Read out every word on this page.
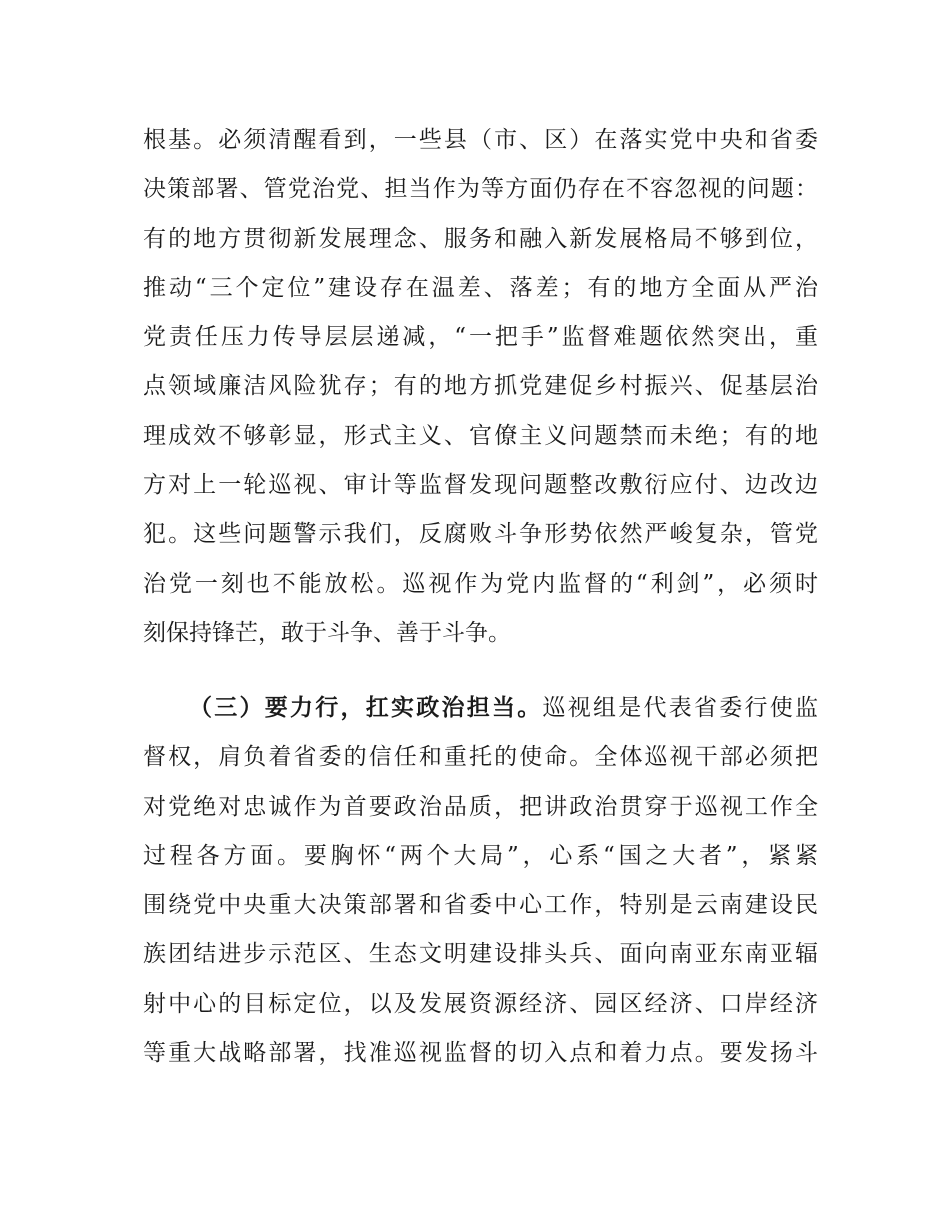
根基。必须清醒看到，一些县（市、区）在落实党中央和省委
决策部署、管党治党、担当作为等方面仍存在不容忽视的问题：
有的地方贯彻新发展理念、服务和融入新发展格局不够到位，
推动“三个定位”建设存在温差、落差；有的地方全面从严治
党责任压力传导层层递减，“一把手”监督难题依然突出，重
点领域廉洁风险犹存；有的地方抓党建促乡村振兴、促基层治
理成效不够彰显，形式主义、官僚主义问题禁而未绝；有的地
方对上一轮巡视、审计等监督发现问题整改敷衍应付、边改边
犯。这些问题警示我们，反腐败斗争形势依然严峻复杂，管党
治党一刻也不能放松。巡视作为党内监督的“利剑”，必须时
刻保持锋芒，敢于斗争、善于斗争。
（三）要力行，扛实政治担当。巡视组是代表省委行使监
督权，肩负着省委的信任和重托的使命。全体巡视干部必须把
对党绝对忠诚作为首要政治品质，把讲政治贯穿于巡视工作全
过程各方面。要胸怀“两个大局”，心系“国之大者”，紧紧
围绕党中央重大决策部署和省委中心工作，特别是云南建设民
族团结进步示范区、生态文明建设排头兵、面向南亚东南亚辐
射中心的目标定位，以及发展资源经济、园区经济、口岸经济
等重大战略部署，找准巡视监督的切入点和着力点。要发扬斗
